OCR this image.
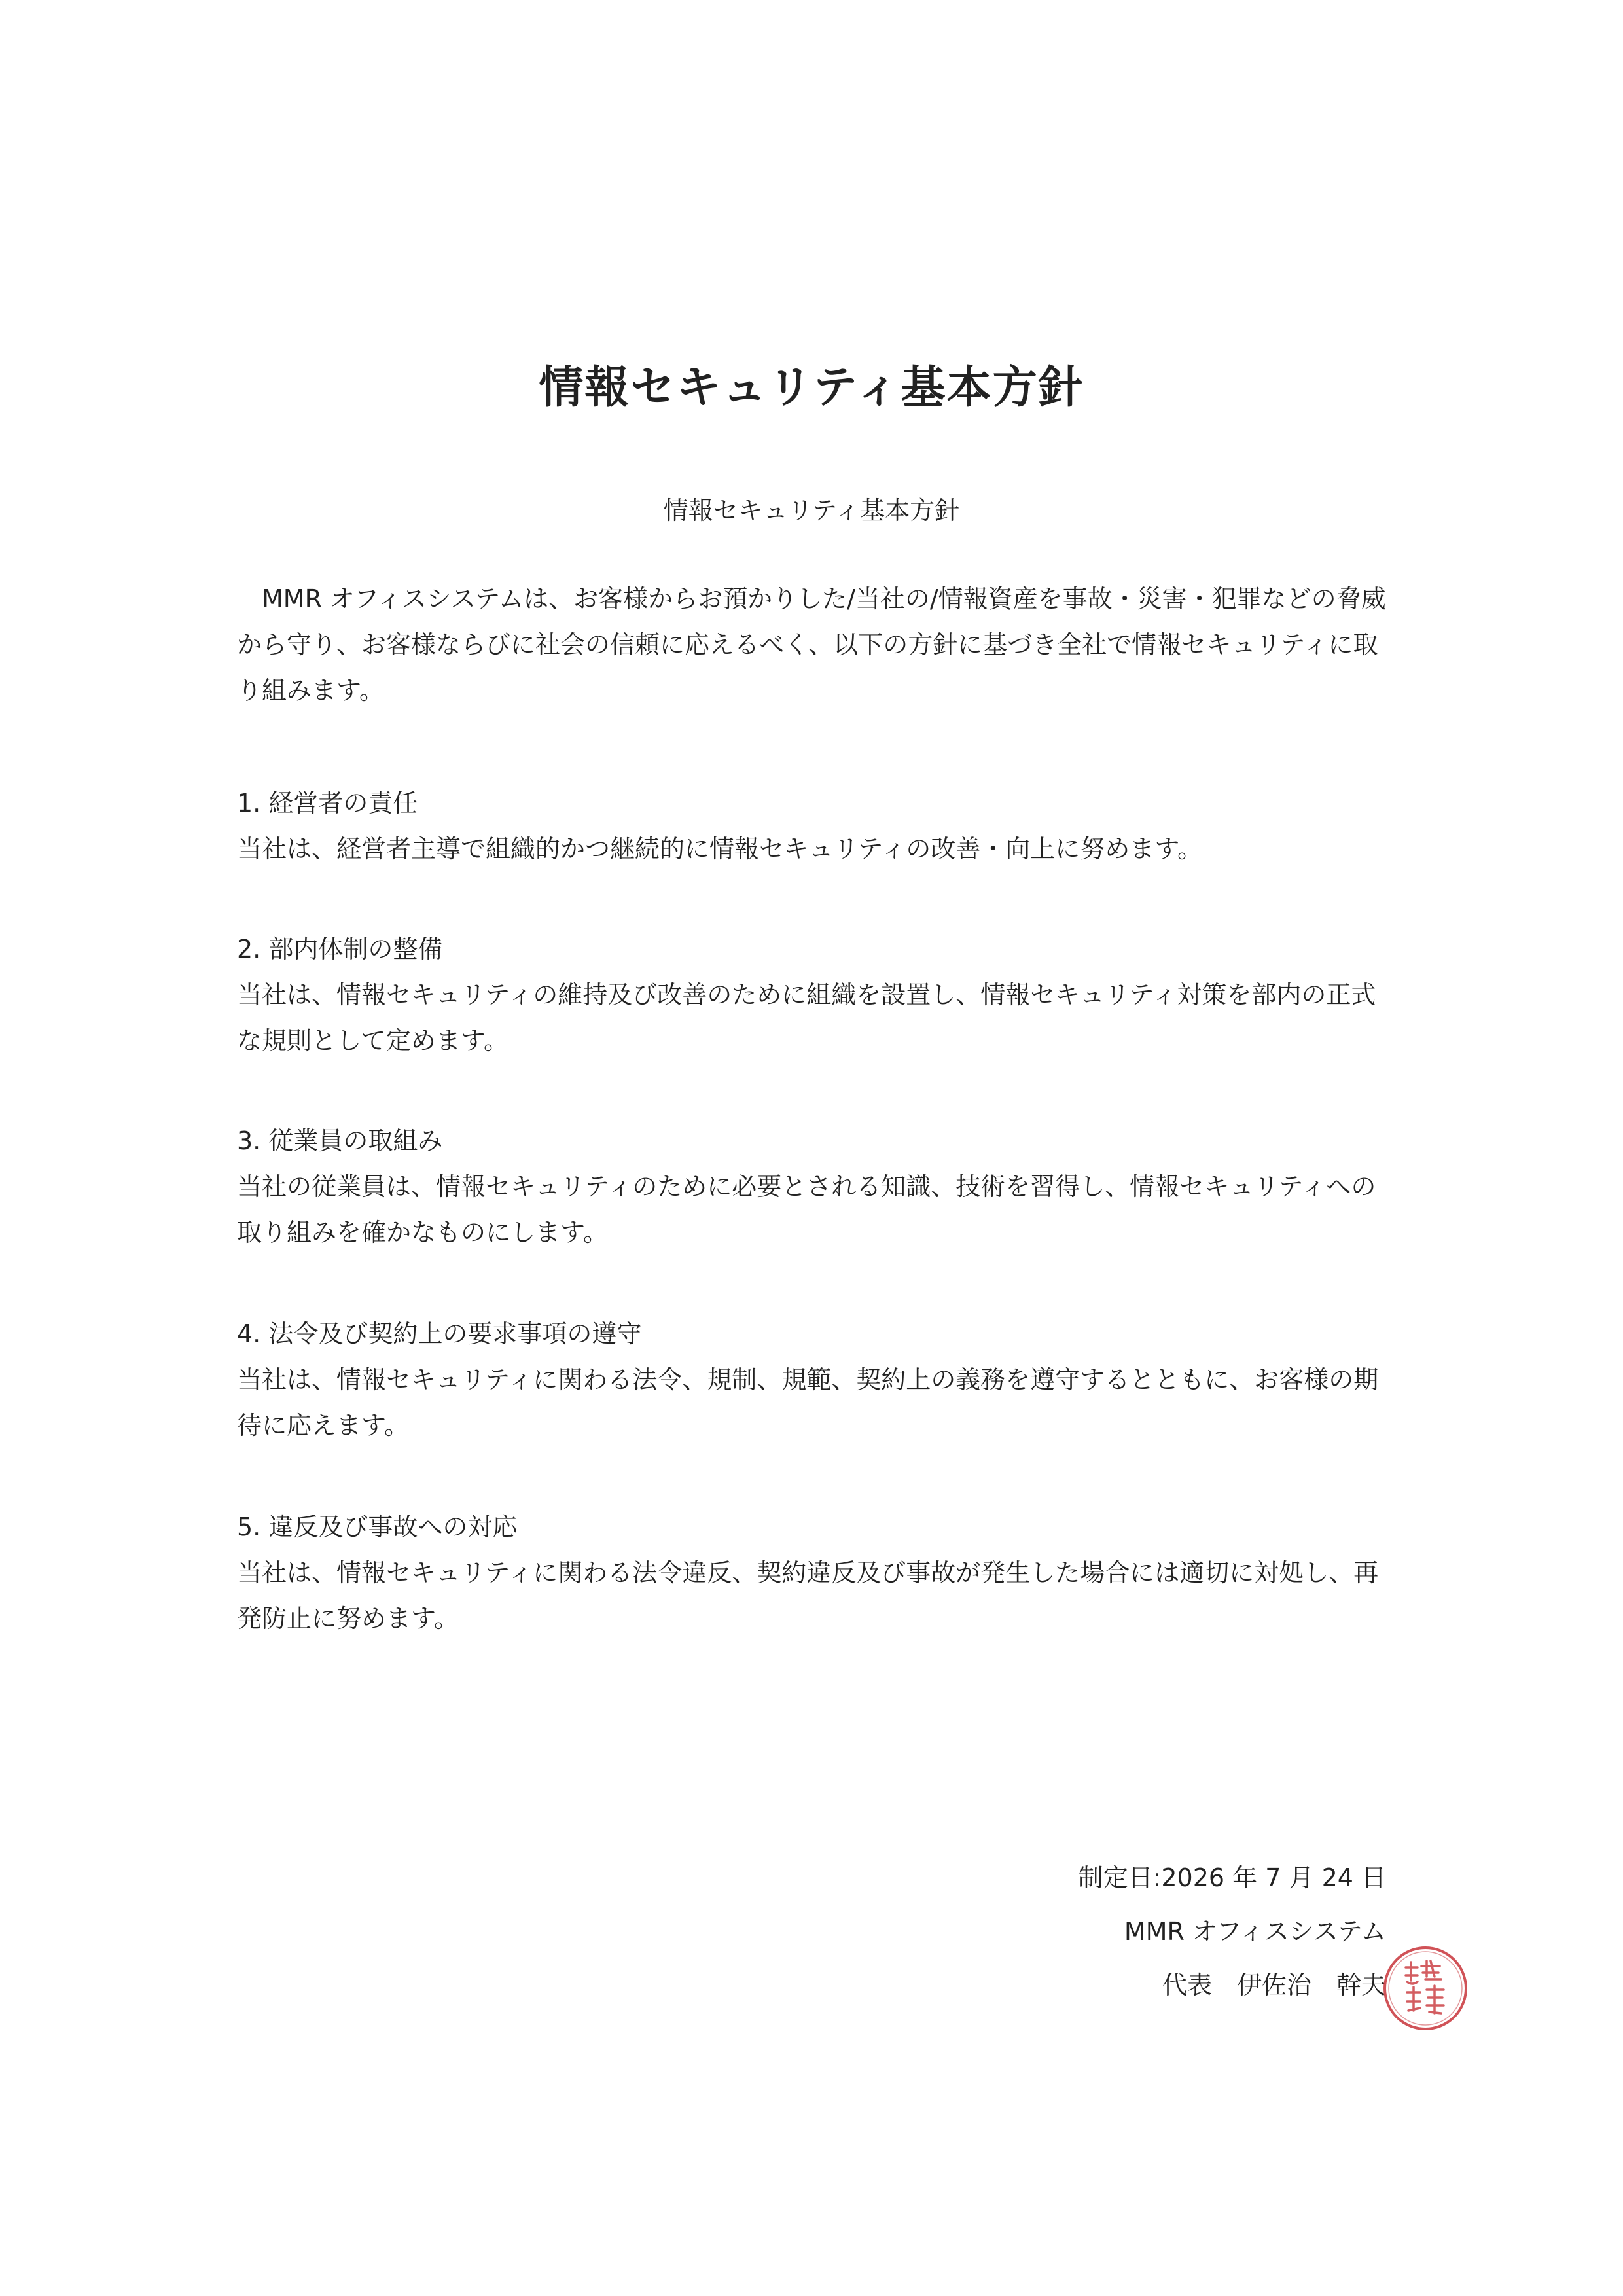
情報セキュリティ基本方針

情報セキュリティ基本方針

MMR オフィスシステムは、お客様からお預かりした/当社の/情報資産を事故・災害・犯罪などの脅威から守り、お客様ならびに社会の信頼に応えるべく、以下の方針に基づき全社で情報セキュリティに取り組みます。

1. 経営者の責任

当社は、経営者主導で組織的かつ継続的に情報セキュリティの改善・向上に努めます。

2. 部内体制の整備

当社は、情報セキュリティの維持及び改善のために組織を設置し、情報セキュリティ対策を部内の正式な規則として定めます。

3. 従業員の取組み

当社の従業員は、情報セキュリティのために必要とされる知識、技術を習得し、情報セキュリティへの取り組みを確かなものにします。

4. 法令及び契約上の要求事項の遵守

当社は、情報セキュリティに関わる法令、規制、規範、契約上の義務を遵守するとともに、お客様の期待に応えます。

5. 違反及び事故への対応

当社は、情報セキュリティに関わる法令違反、契約違反及び事故が発生した場合には適切に対処し、再発防止に努めます。

制定日:2026 年 7 月 24 日

MMR オフィスシステム

代表　伊佐治　幹夫
